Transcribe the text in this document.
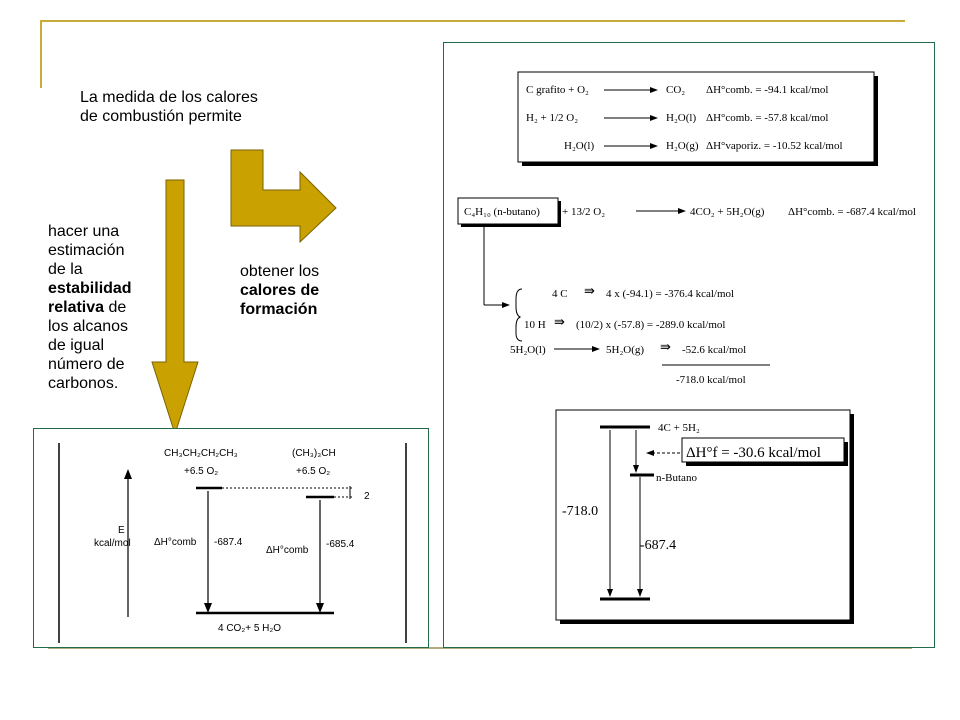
La medida de los calores
de combustión permite
hacer una
estimación
de la
estabilidad
relativa de
los alcanos
de igual
número de
carbonos.
obtener los
calores de
formación
E
kcal/mol
CH₃CH₂CH₂CH₃
+6.5 O₂
(CH₃)₃CH
+6.5 O₂
2
ΔH°comb -687.4
ΔH°comb
-685.4
4 CO₂+ 5 H₂O
C grafito + O₂	CO₂ ΔH°comb. = -94.1 kcal/mol
H₂ + 1/2 O₂	H₂O(l) ΔH°comb. = -57.8 kcal/mol
H₂O(l)	H₂O(g) ΔH°vaporiz. = -10.52 kcal/mol
C₄H₁₀ (n-butano) + 13/2 O₂	4CO₂ + 5H₂O(g) ΔH°comb. = -687.4 kcal/mol
4 C ⇛ 4 x (-94.1) = -376.4 kcal/mol
10 H ⇛ (10/2) x (-57.8) = -289.0 kcal/mol
5H₂O(l)	5H₂O(g) ⇛ -52.6 kcal/mol
-718.0 kcal/mol
4C + 5H₂
ΔH°f = -30.6 kcal/mol
n-Butano
-718.0
-687.4
